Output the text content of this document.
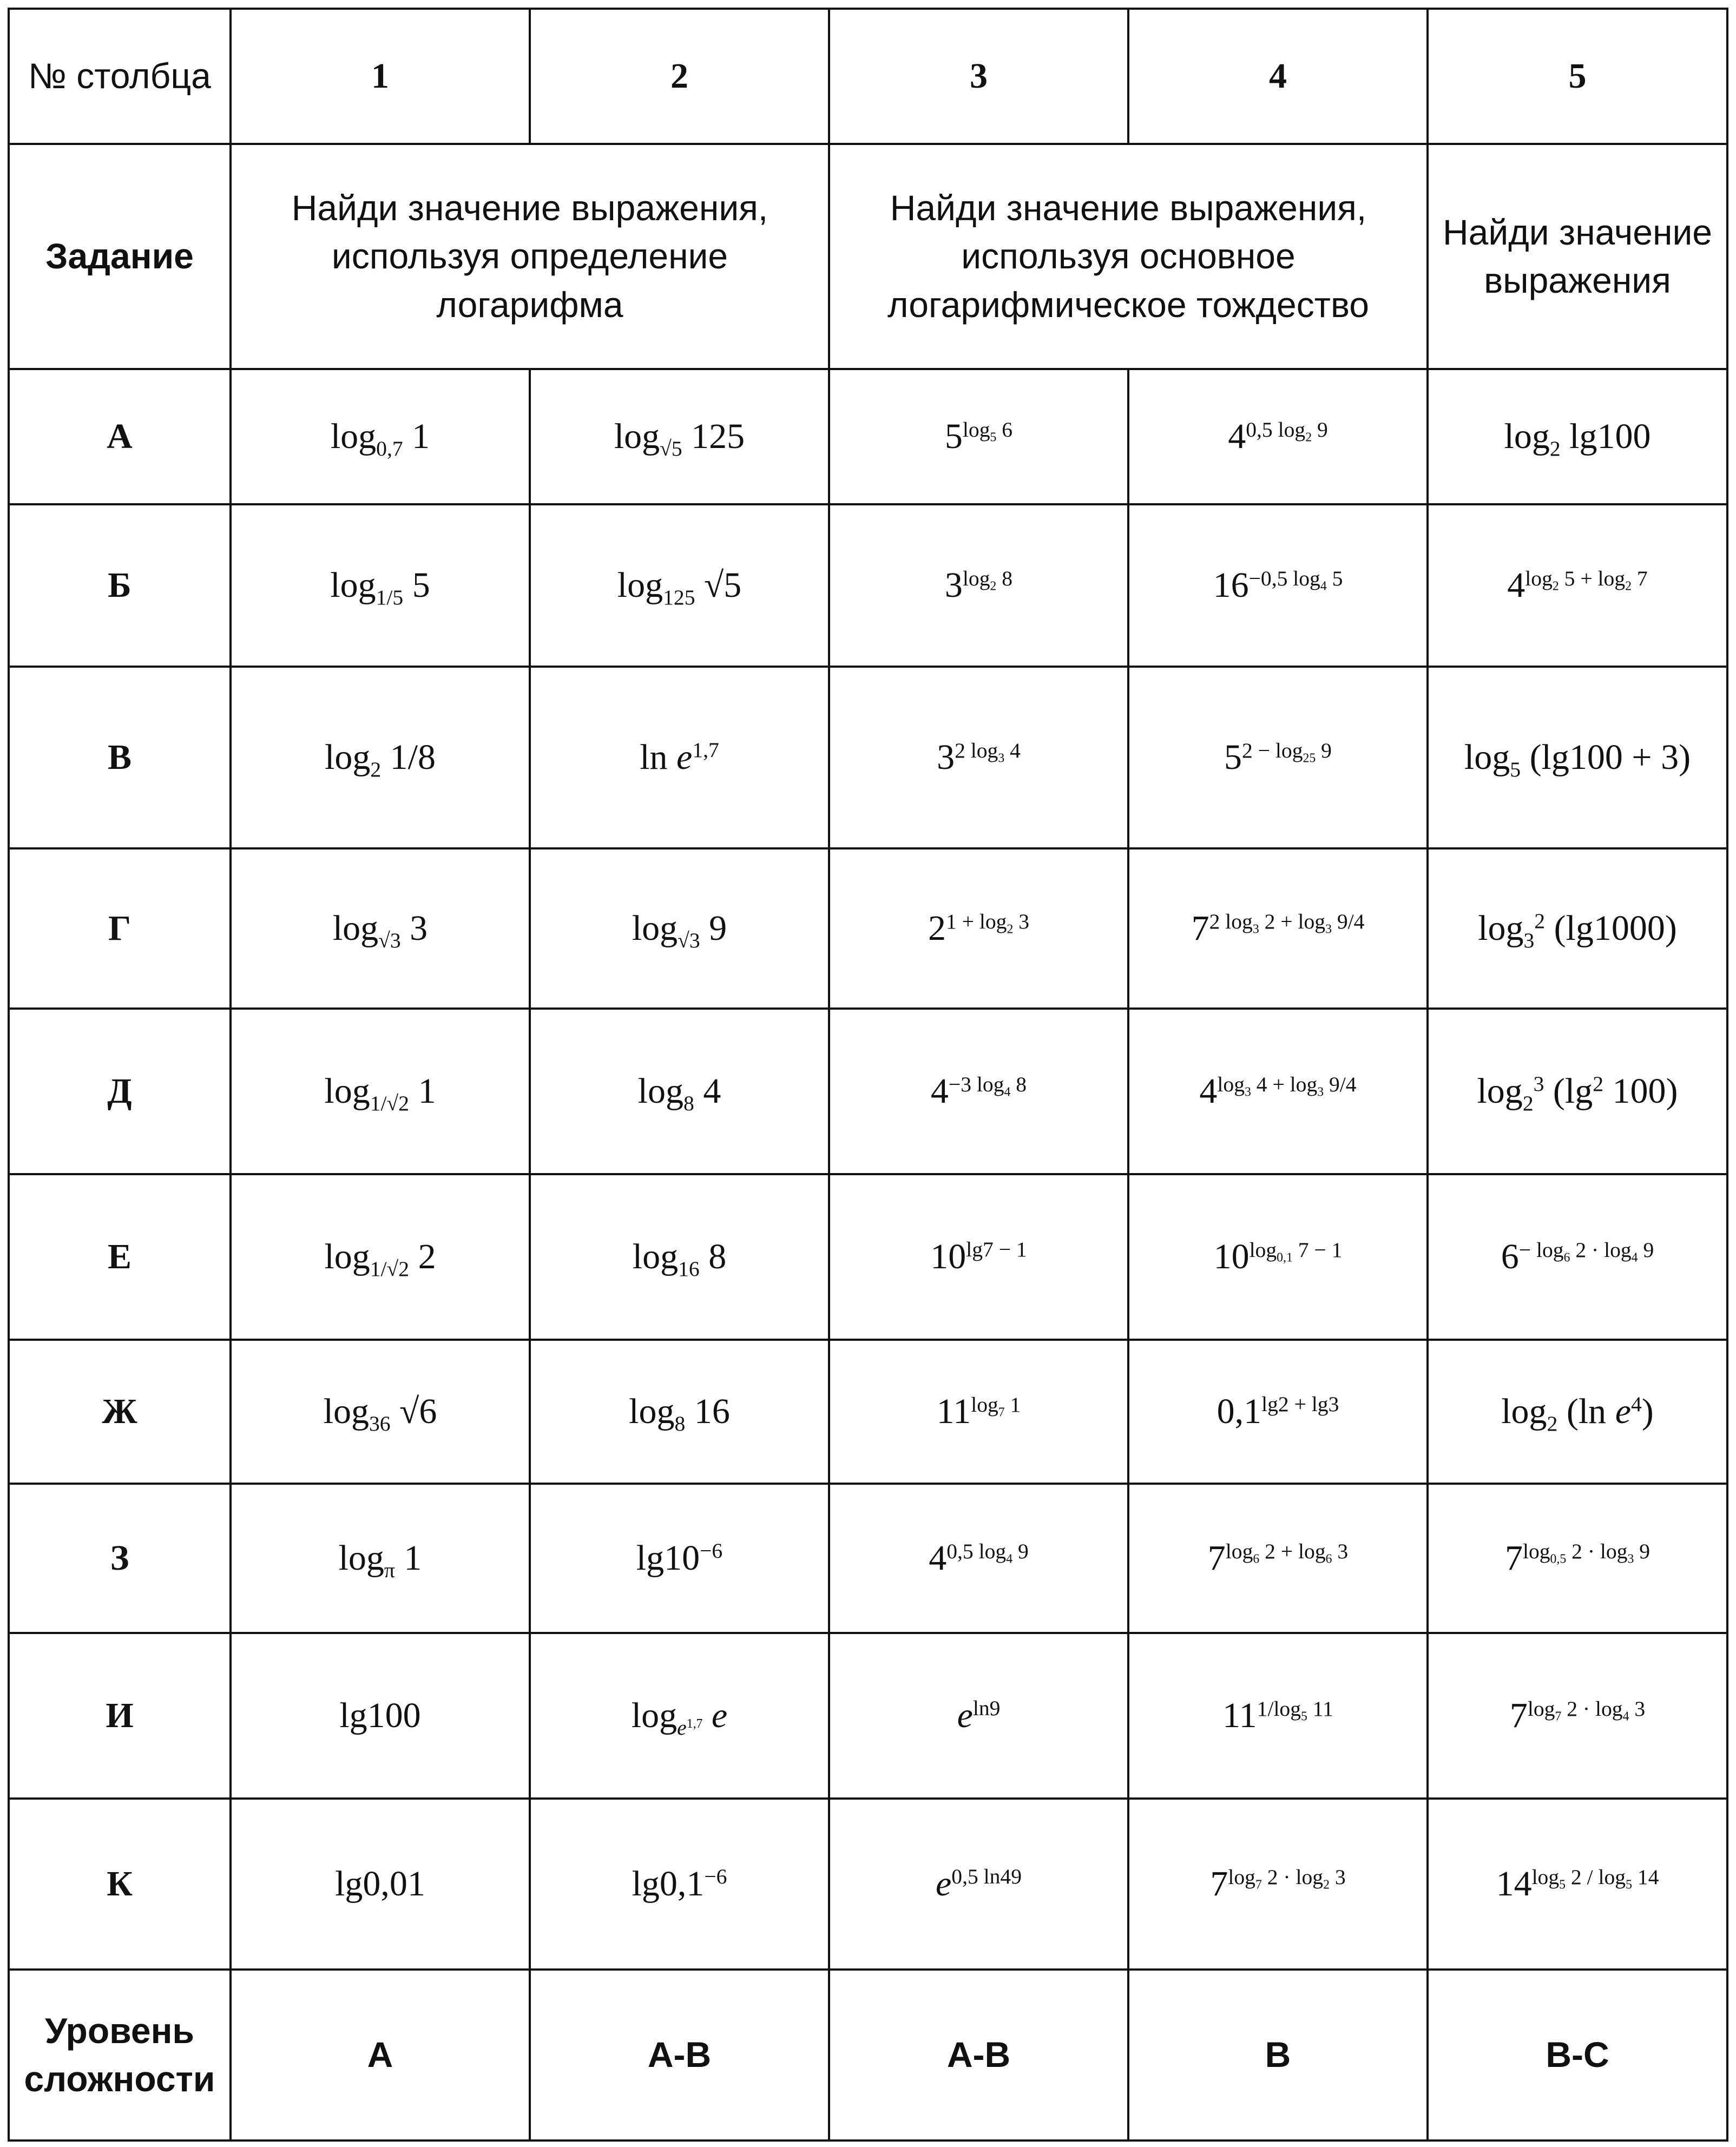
№ столбца	1	2	3	4	5
Задание	Найди значение выражения, используя определение логарифма		Найди значение выражения, используя основное логарифмическое тождество		Найди значение выражения
А	$\log_{0,7} 1$	$\log_{√5} 125$	$5^{log_5 6}$	$4^{0,5 log_2 9}$	$\log_2 \lg 100$
Б	$\log_{1/5} 5$	$\log_{125} √5$	$3^{log_2 8}$	$16^{-0,5 log_4 5}$	$4^{log_2 5 + log_2 7}$
В	$\log_2 1/8$	$\ln e^{1,7}$	$3^{2 log_3 4}$	$5^{2 - log_{25} 9}$	$\log_5 (\lg 100 + 3)$
Г	$\log_{√3} 3$	$\log_{√3} 9$	$2^{1 + log_2 3}$	$7^{2 log_3 2 + log_3 9/4}$	$\log_3^2 (\lg 1000)$
Д	$\log_{1/√2} 1$	$\log_8 4$	$4^{-3 log_4 8}$	$4^{log_3 4 + log_3 9/4}$	$\log_2^3 (\lg^2$ 100)
Е	$\log_{1/√2} 2$	$\log_{16} 8$	$10^{lg7 - 1}$	$10^{log_{0,1} 7 - 1}$	$6^{- log_6 2 \cdot log_4 9}$
Ж	$\log_{36} √6$	$\log_8 16$	$11^{log_7 1}$	$0,1^{lg2 + lg3}$	$\log_2 (\ln$ $e^4$)
З	$\log_\pi 1$	$\lg 10^{-6}$	$4^{0,5 log_4 9}$	$7^{log_6 2 + log_6 3}$	$7^{log_{0,5} 2 \cdot log_3 9}$
И	lg100	$\log_{e^{1,7}} e$	$e^{ln9}$	$11^{1/log_5 11}$	$7^{log_7 2 \cdot log_4 3}$
К	lg0,01	$\lg 0,1^{-6}$	$e^{0,5 ln49}$	$7^{log_7 2 \cdot log_2 3}$	$14^{log_5 2 / log_5 14}$
Уровень сложности	А	А-В	А-В	В	В-С
